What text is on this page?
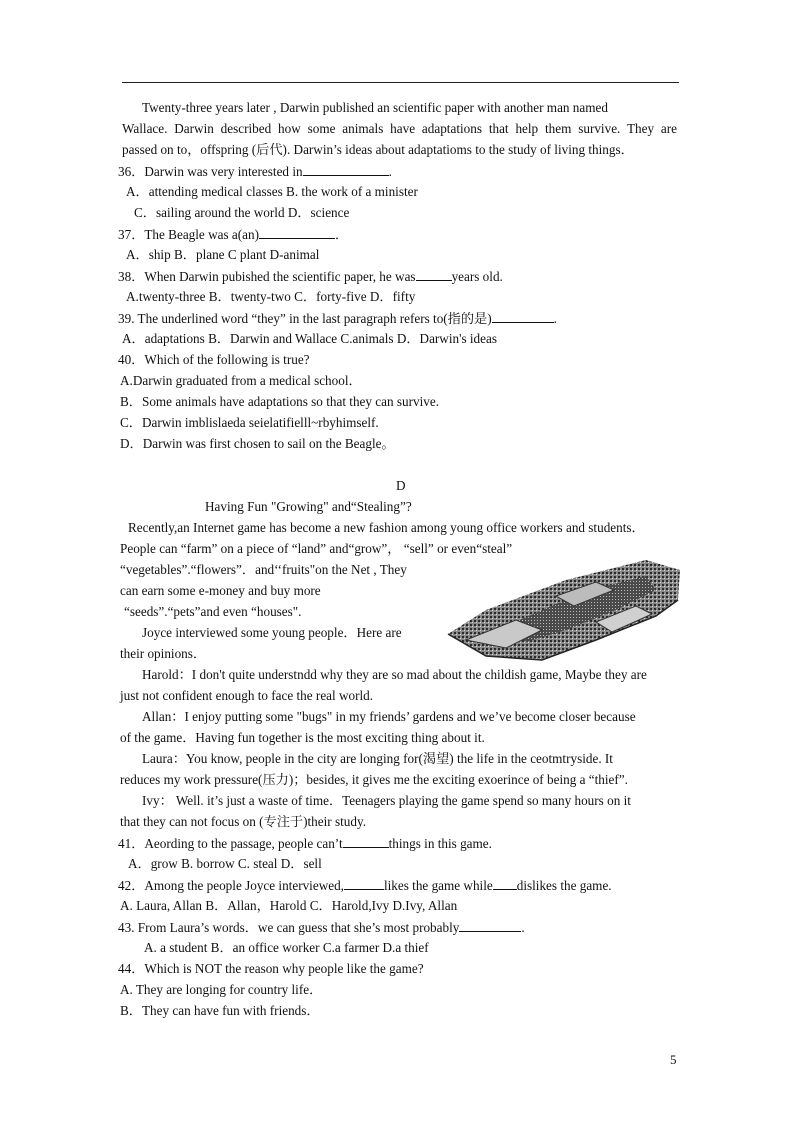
Twenty-three years later , Darwin published an scientific paper with another man named
Wallace. Darwin described how some animals have adaptations that help them survive. They are
passed on to，offspring (后代). Darwin’s ideas about adaptatioms to the study of living things．
36．Darwin was very interested in	.
A．attending medical classes B. the work of a minister
C．sailing around the world D．science
37．The Beagle was a(an)	．
A．ship B．plane C plant D-animal
38．When Darwin pubished the scientific paper, he was	years old.
A.twenty-three B．twenty-two C．forty-five D．fifty
39. The underlined word “they” in the last paragraph refers to(指的是)	.
A．adaptations B．Darwin and Wallace C.animals D．Darwin's ideas
40．Which of the following is true?
A.Darwin graduated from a medical school．
B．Some animals have adaptations so that they can survive.
C．Darwin imblislaeda seielatifielll~rbyhimself.
D．Darwin was first chosen to sail on the Beagle。
D
Having Fun "Growing" and“Stealing”?
Recently,an Internet game has become a new fashion among young office workers and students．
People can “farm” on a piece of “land” and“grow”， “sell” or even“steal”
“vegetables”.“flowers”．and‘‘fruits"on the Net , They
can earn some e-money and buy more
“seeds”.“pets”and even “houses".
Joyce interviewed some young people．Here are
their opinions．
Harold：I don't quite understndd why they are so mad about the childish game, Maybe they are
just not confident enough to face the real world.
Allan：I enjoy putting some "bugs" in my friends’ gardens and we’ve become closer because
of the game．Having fun together is the most exciting thing about it.
Laura：You know, people in the city are longing for(渴望) the life in the ceotmtryside. It
reduces my work pressure(压力)；besides, it gives me the exciting exoerince of being a “thief”.
Ivy： Well. it’s just a waste of time．Teenagers playing the game spend so many hours on it
that they can not focus on (专注于)their study.
41．Aeording to the passage, people can’t	things in this game.
A．grow B. borrow C. steal D．sell
42．Among the people Joyce interviewed,	likes the game while dislikes the game.
A. Laura, Allan B．Allan，Harold C．Harold,Ivy D.Ivy, Allan
43. From Laura’s words．we can guess that she’s most probably	.
A. a student B．an office worker C.a farmer D.a thief
44．Which is NOT the reason why people like the game?
A. They are longing for country life．
B．They can have fun with friends．
5
